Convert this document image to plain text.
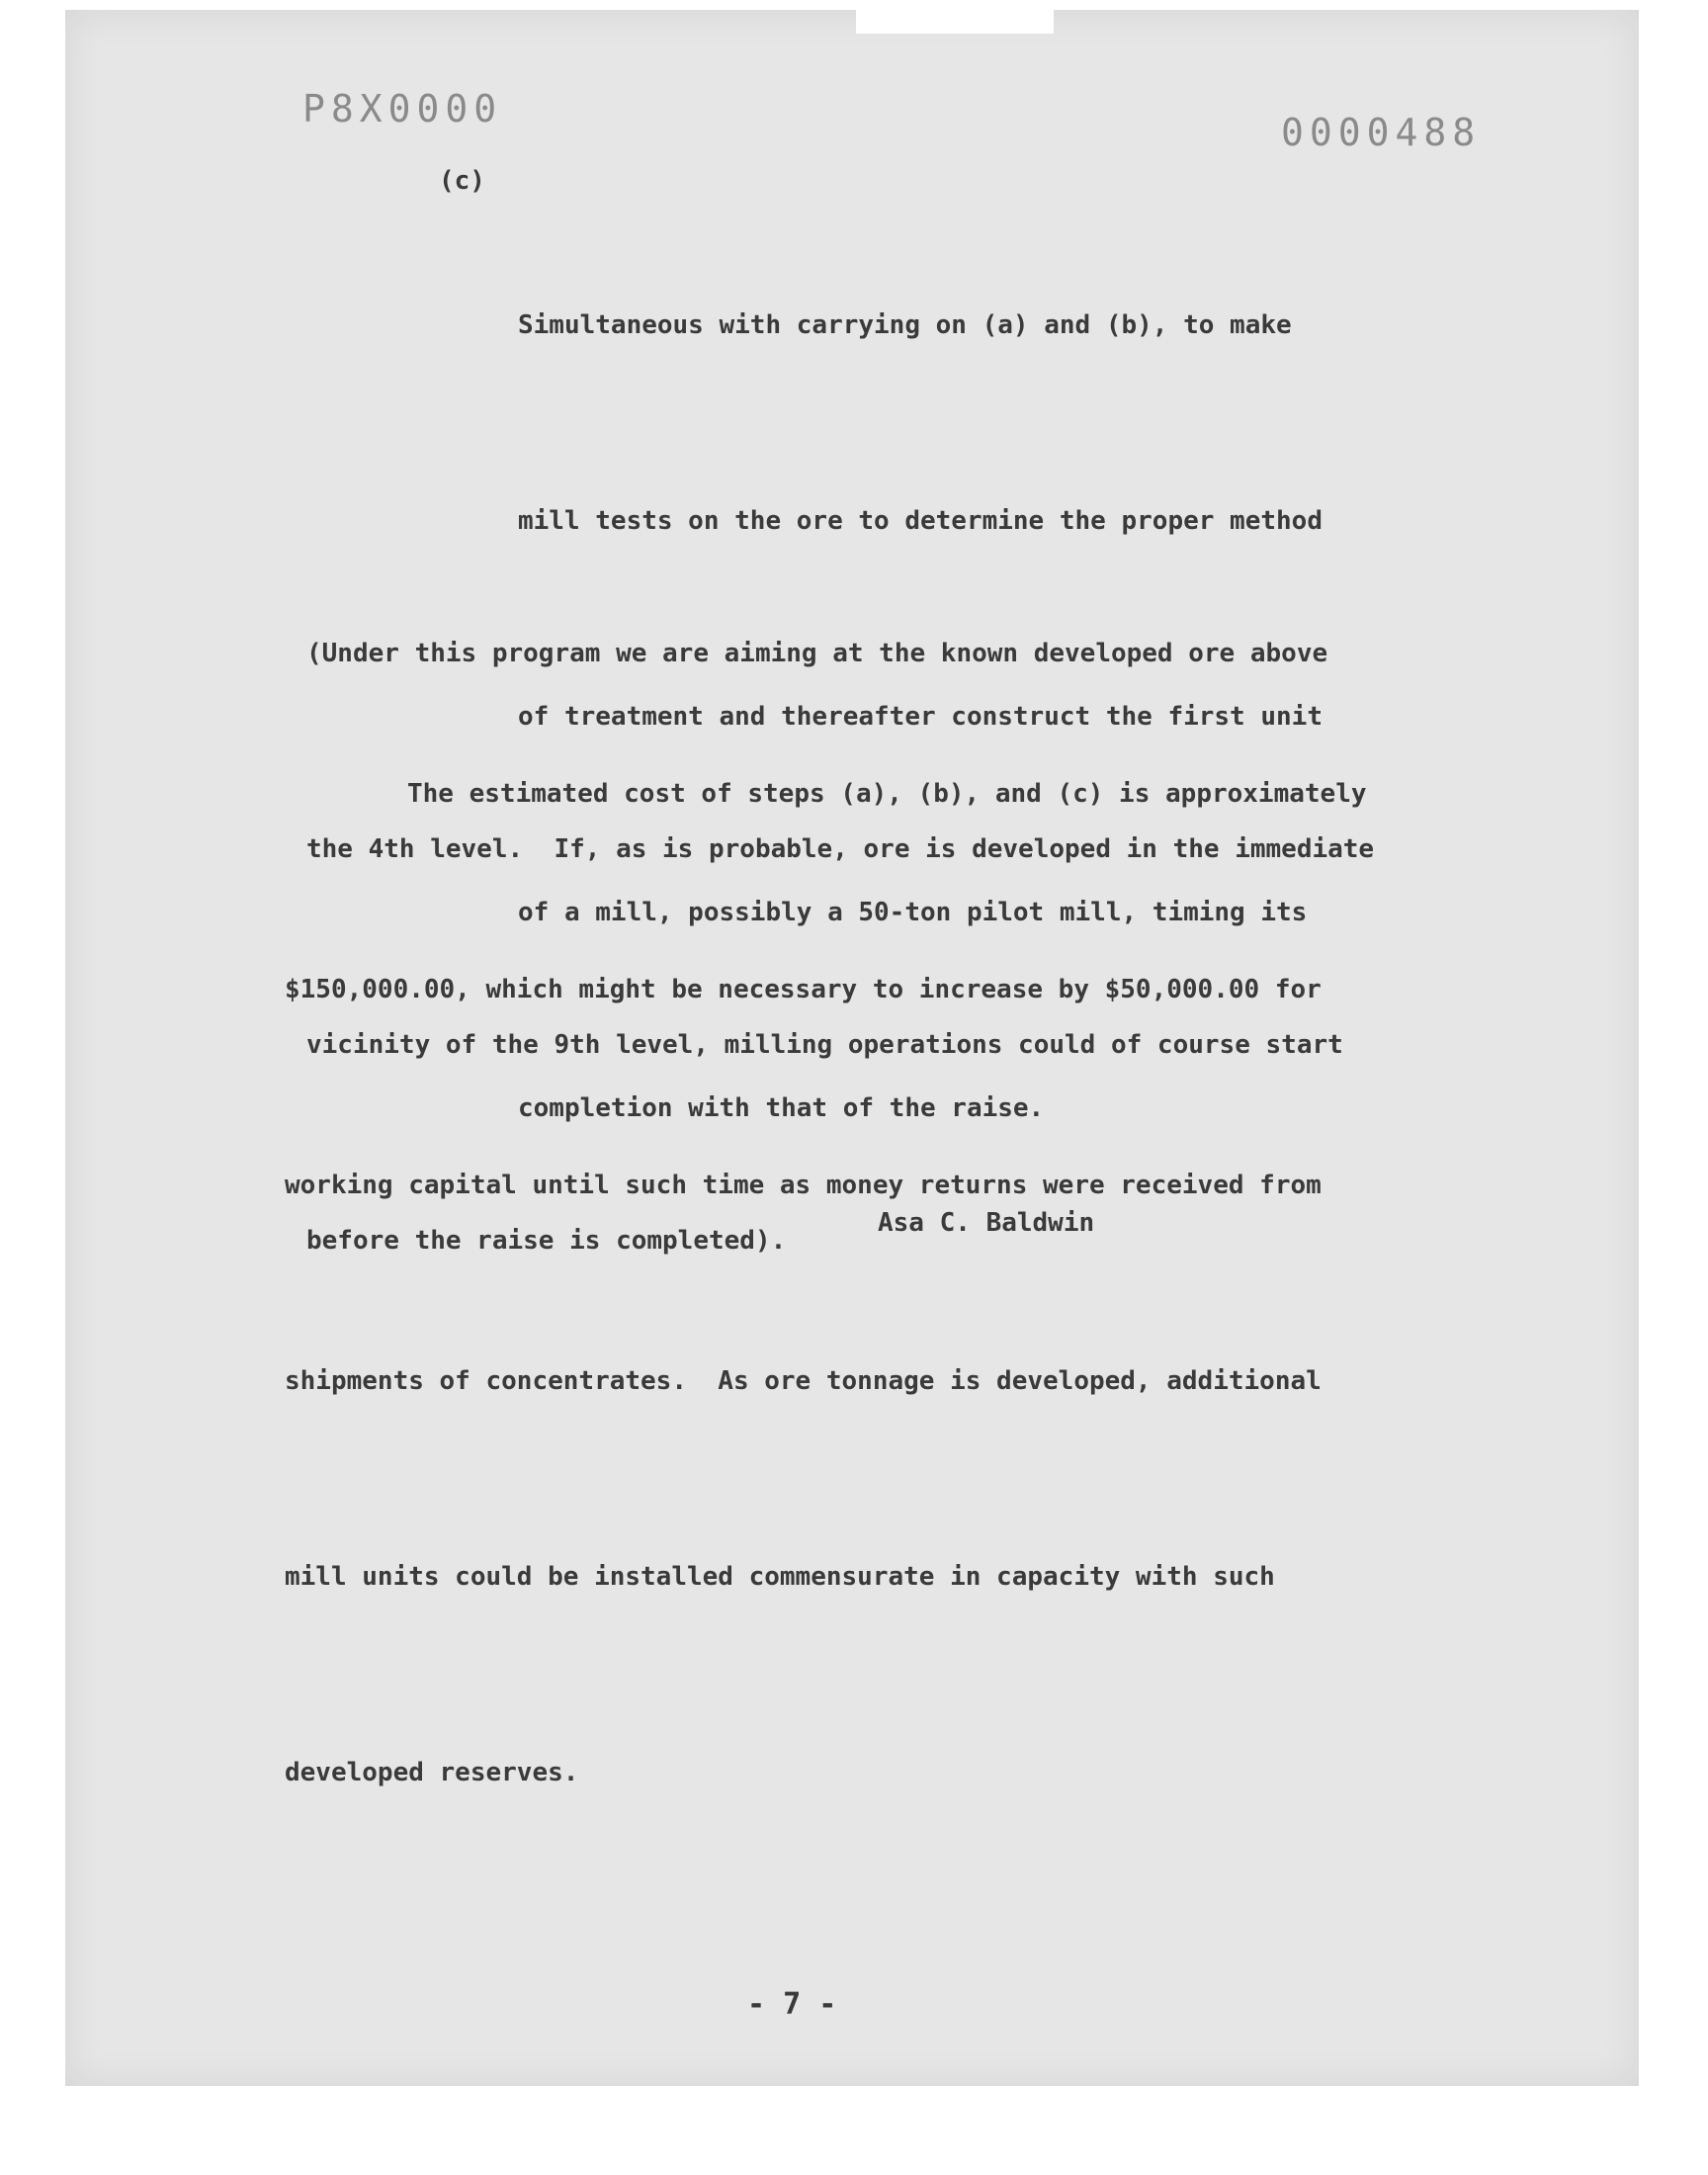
P8Х0000
0000488
(c)

Simultaneous with carrying on (a) and (b), to make

mill tests on the ore to determine the proper method

of treatment and thereafter construct the first unit

of a mill, possibly a 50-ton pilot mill, timing its

completion with that of the raise.

(Under this program we are aiming at the known developed ore above

the 4th level.  If, as is probable, ore is developed in the immediate

vicinity of the 9th level, milling operations could of course start

before the raise is completed).

The estimated cost of steps (a), (b), and (c) is approximately

$150,000.00, which might be necessary to increase by $50,000.00 for

working capital until such time as money returns were received from

shipments of concentrates.  As ore tonnage is developed, additional

mill units could be installed commensurate in capacity with such

developed reserves.

Asa C. Baldwin
- 7 -
